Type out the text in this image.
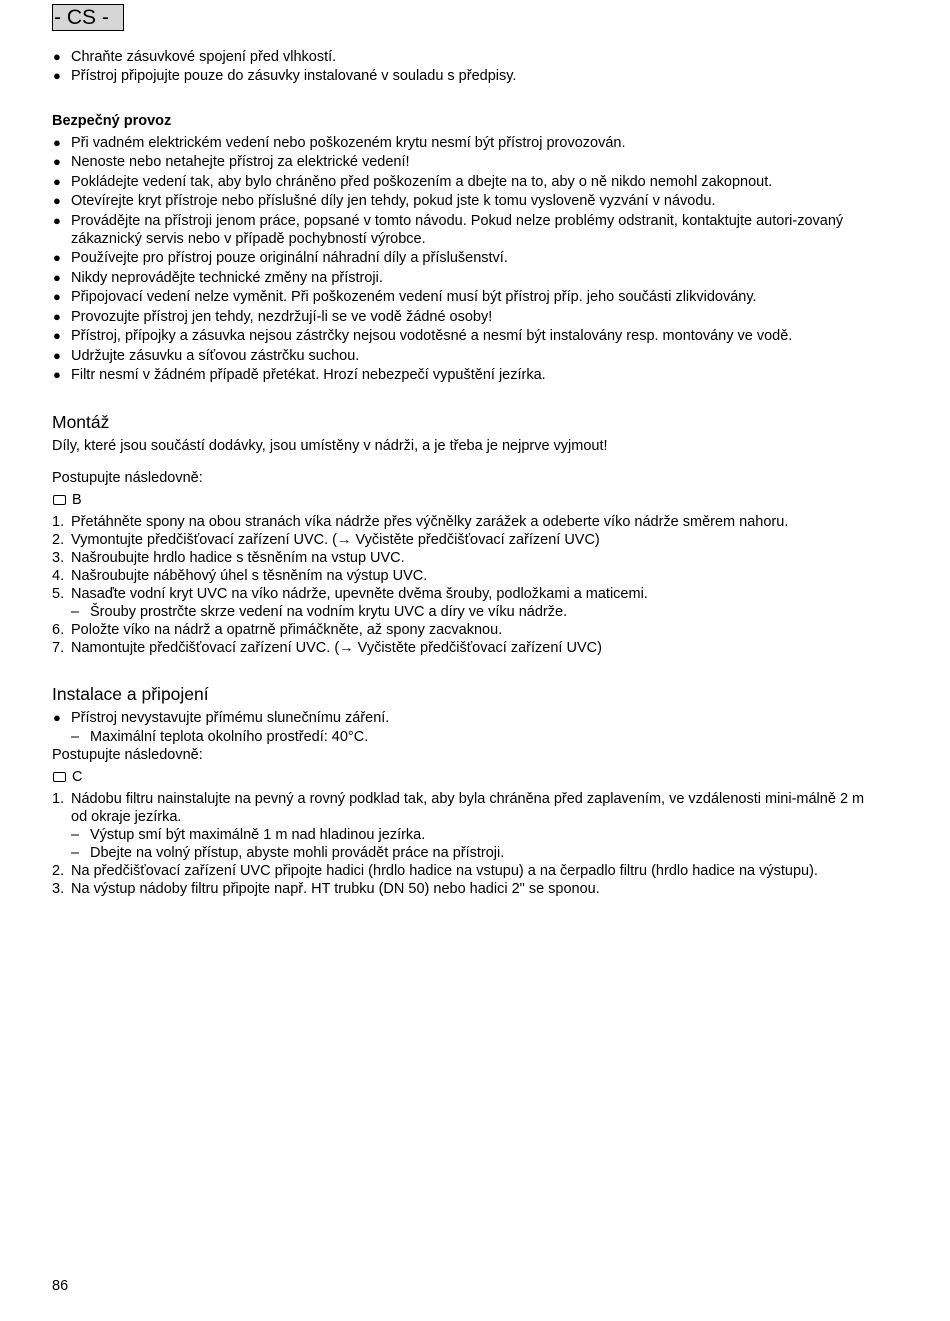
- CS -
● Chraňte zásuvkové spojení před vlhkostí.
● Přístroj připojujte pouze do zásuvky instalované v souladu s předpisy.
Bezpečný provoz
● Při vadném elektrickém vedení nebo poškozeném krytu nesmí být přístroj provozován.
● Nenoste nebo netahejte přístroj za elektrické vedení!
● Pokládejte vedení tak, aby bylo chráněno před poškozením a dbejte na to, aby o ně nikdo nemohl zakopnout.
● Otevírejte kryt přístroje nebo příslušné díly jen tehdy, pokud jste k tomu vysloveně vyzvání v návodu.
● Provádějte na přístroji jenom práce, popsané v tomto návodu. Pokud nelze problémy odstranit, kontaktujte autori-zovaný zákaznický servis nebo v případě pochybností výrobce.
● Používejte pro přístroj pouze originální náhradní díly a příslušenství.
● Nikdy neprovádějte technické změny na přístroji.
● Připojovací vedení nelze vyměnit. Při poškozeném vedení musí být přístroj příp. jeho součásti zlikvidovány.
● Provozujte přístroj jen tehdy, nezdržují-li se ve vodě žádné osoby!
● Přístroj, přípojky a zásuvka nejsou zástrčky nejsou vodotěsné a nesmí být instalovány resp. montovány ve vodě.
● Udržujte zásuvku a síťovou zástrčku suchou.
● Filtr nesmí v žádném případě přetékat. Hrozí nebezpečí vypuštění jezírka.
Montáž

Díly, které jsou součástí dodávky, jsou umístěny v nádrži, a je třeba je nejprve vyjmout!

Postupujte následovně:

B
1. Přetáhněte spony na obou stranách víka nádrže přes výčnělky zarážek a odeberte víko nádrže směrem nahoru.
2. Vymontujte předčišťovací zařízení UVC. (→ Vyčistěte předčišťovací zařízení UVC)
3. Našroubujte hrdlo hadice s těsněním na vstup UVC.
4. Našroubujte náběhový úhel s těsněním na výstup UVC.
5. Nasaďte vodní kryt UVC na víko nádrže, upevněte dvěma šrouby, podložkami a maticemi.
– Šrouby prostrčte skrze vedení na vodním krytu UVC a díry ve víku nádrže.
6. Položte víko na nádrž a opatrně přimáčkněte, až spony zacvaknou.
7. Namontujte předčišťovací zařízení UVC. (→ Vyčistěte předčišťovací zařízení UVC)
Instalace a připojení
● Přístroj nevystavujte přímému slunečnímu záření.
– Maximální teplota okolního prostředí: 40°C.

Postupujte následovně:

C
1. Nádobu filtru nainstalujte na pevný a rovný podklad tak, aby byla chráněna před zaplavením, ve vzdálenosti mini-málně 2 m od okraje jezírka.
– Výstup smí být maximálně 1 m nad hladinou jezírka.
– Dbejte na volný přístup, abyste mohli provádět práce na přístroji.
2. Na předčišťovací zařízení UVC připojte hadici (hrdlo hadice na vstupu) a na čerpadlo filtru (hrdlo hadice na výstupu).
3. Na výstup nádoby filtru připojte např. HT trubku (DN 50) nebo hadici 2" se sponou.
86
